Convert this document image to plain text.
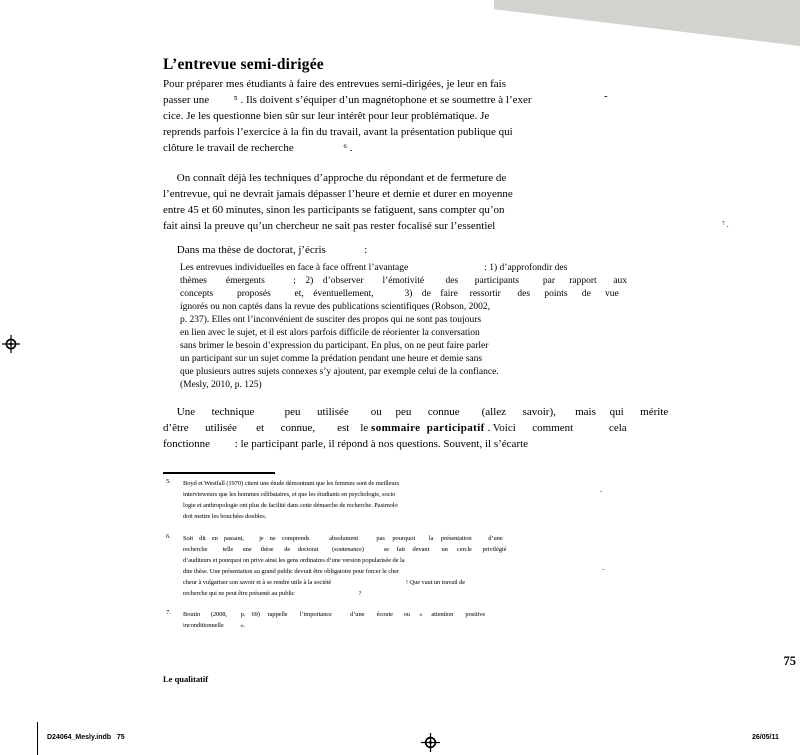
L’entrevue semi-dirigée
Pour préparer mes étudiants à faire des entrevues semi-dirigées, je leur en fais
passer une         ⁵ . Ils doivent s’équiper d’un magnétophone et se soumettre à l’exer
cice. Je les questionne bien sûr sur leur intérêt pour leur problématique. Je
reprends parfois l’exercice à la fin du travail, avant la présentation publique qui
clôture le travail de recherche                  ⁶ .
-
On connaît déjà les techniques d’approche du répondant et de fermeture de
l’entrevue, qui ne devrait jamais dépasser l’heure et demie et durer en moyenne
entre 45 et 60 minutes, sinon les participants se fatiguent, sans compter qu’on
fait ainsi la preuve qu’un chercheur ne sait pas rester focalisé sur l’essentiel	⁷ .
Dans ma thèse de doctorat, j’écris              :
Les entrevues individuelles en face à face offrent l’avantage                                : 1) d’approfondir des
thèmes        émergents            ;    2)    d’observer        l’émotivité         des       participants          par      rapport       aux
concepts          proposés          et,    éventuellement,             3)    de    faire     ressortir       des      points      de      vue
ignorés ou non captés dans la revue des publications scientifiques (Robson, 2002,
p. 237). Elles ont l’inconvénient de susciter des propos qui ne sont pas toujours
en lien avec le sujet, et il est alors parfois difficile de réorienter la conversation
sans brimer le besoin d’expression du participant. En plus, on ne peut faire parler
un participant sur un sujet comme la prédation pendant une heure et demie sans
que plusieurs autres sujets connexes s’y ajoutent, par exemple celui de la confiance.
(Mesly, 2010, p. 125)
Une      technique           peu      utilisée        ou     peu      connue        (allez      savoir),       mais     qui      mérite
d’être      utilisée       et      connue,        est    le sommaire  participatif . Voici      comment             cela
fonctionne         : le participant parle, il répond à nos questions. Souvent, il s’écarte
5. Boyd et Westfall (1970) citent une étude démontrant que les femmes sont de meilleurs
intervieweurs que les hommes célibataires, et que les étudiants en psychologie, socio
logie et anthropologie ont plus de facilité dans cette démarche de recherche. Pasimolo
doit mettre les bouchées doubles.
-
6. Soit    dit    en    passant,          je    ne    comprends             absolument            pas     pourquoi         la     présentation           d’une
recherche          telle      une      thèse       de     doctorat         (soutenance)             se     fait     devant        un      cercle       privilégié
d’auditeurs et pourquoi on prive ainsi les gens ordinaires d’une version popularisée de la
dite thèse. Une présentation au grand public devrait être obligatoire pour forcer le cher
cheur à vulgariser son savoir et à se rendre utile à la société                                                 ! Que vaut un travail de
recherche qui ne peut être présenté au public                                          ?
-
7. Boutin       (2008,         p.    69)     rappelle        l’importance            d’une        écoute       ou      «      attention        positive
inconditionnelle           ».
75
Le qualitatif
D24064_Mesly.indb   75	26/05/11
